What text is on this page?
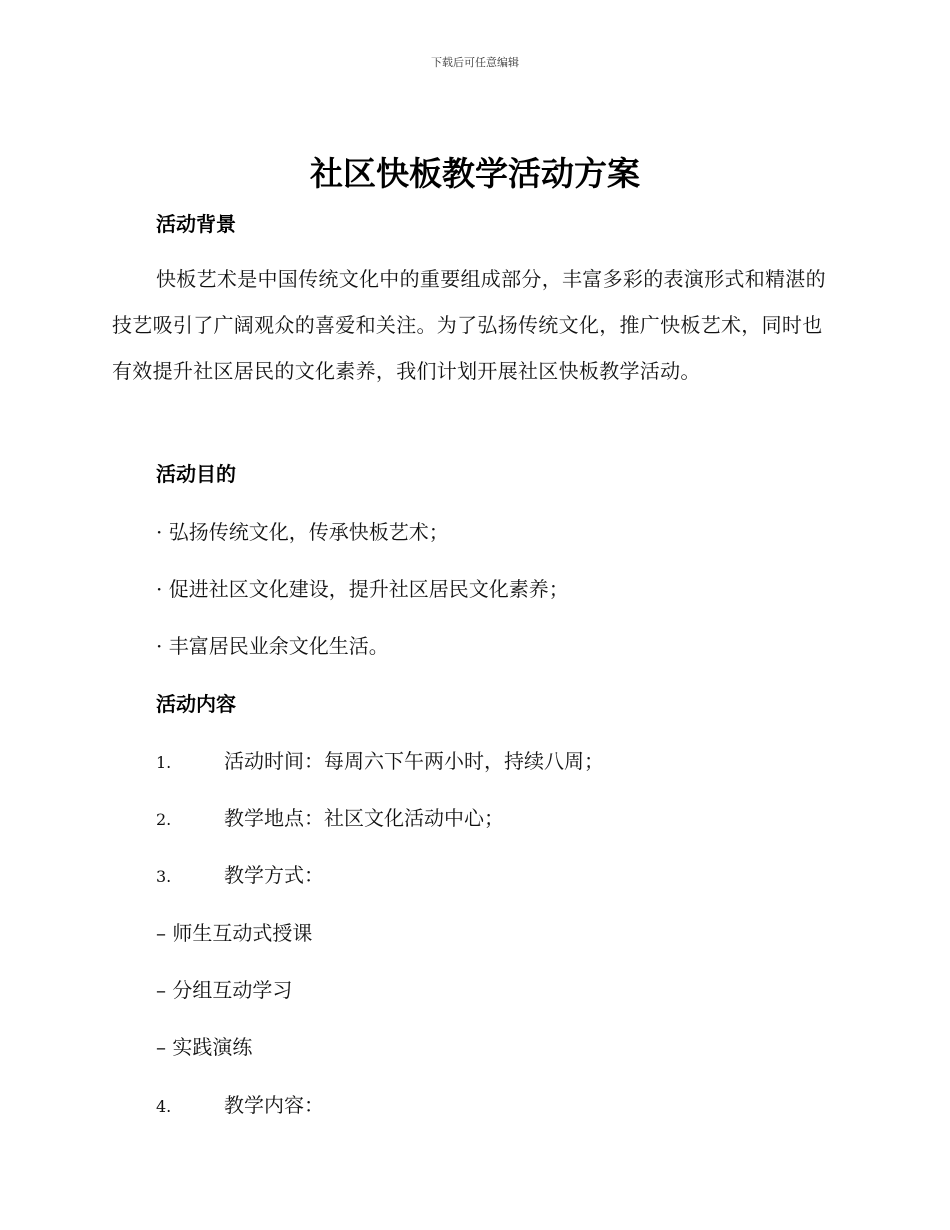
下载后可任意编辑
社区快板教学活动方案
活动背景

快板艺术是中国传统文化中的重要组成部分，丰富多彩的表演形式和精湛的技艺吸引了广阔观众的喜爱和关注。为了弘扬传统文化，推广快板艺术，同时也有效提升社区居民的文化素养，我们计划开展社区快板教学活动。

活动目的

· 弘扬传统文化，传承快板艺术；

· 促进社区文化建设，提升社区居民文化素养；

· 丰富居民业余文化生活。

活动内容
1.	活动时间：每周六下午两小时，持续八周；
2.	教学地点：社区文化活动中心；
3.	教学方式：

– 师生互动式授课

– 分组互动学习

– 实践演练

4.	教学内容：
